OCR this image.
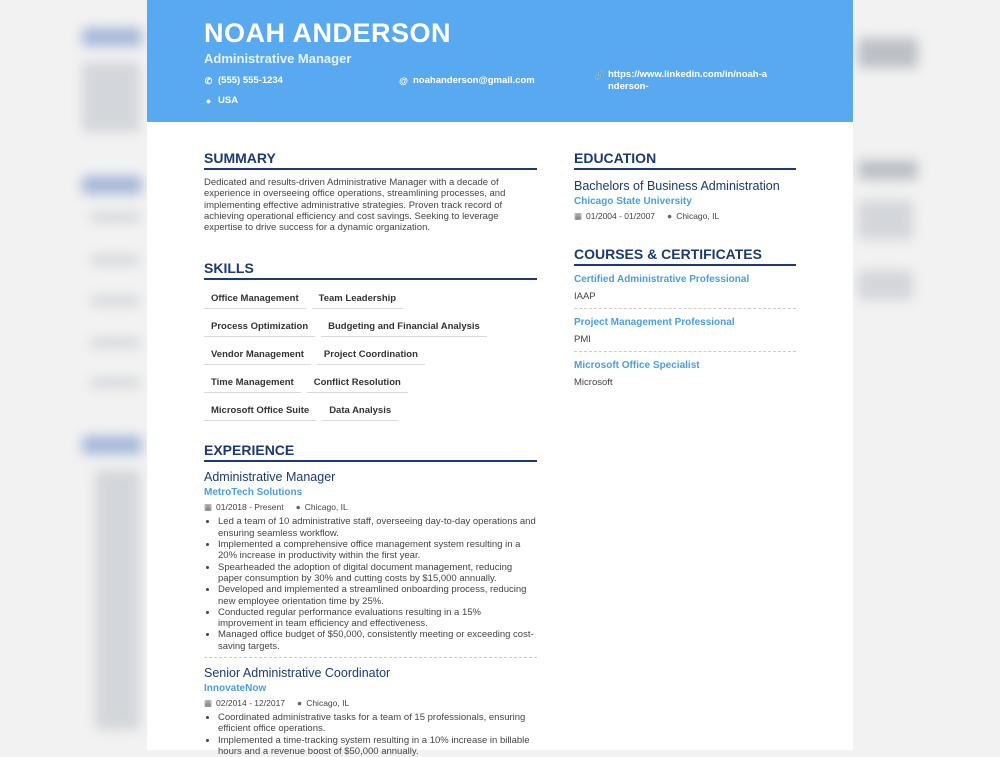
NOAH ANDERSON
Administrative Manager
✆ (555) 555-1234	@ noahanderson@gmail.com	🔗 https://www.linkedin.com/in/noah-anderson-
● USA
SUMMARY
Dedicated and results-driven Administrative Manager with a decade of experience in overseeing office operations, streamlining processes, and implementing effective administrative strategies. Proven track record of achieving operational efficiency and cost savings. Seeking to leverage expertise to drive success for a dynamic organization.
SKILLS
Office Management	Team Leadership
Process Optimization	Budgeting and Financial Analysis
Vendor Management	Project Coordination
Time Management	Conflict Resolution
Microsoft Office Suite	Data Analysis
EXPERIENCE
Administrative Manager
MetroTech Solutions
▦ 01/2018 - Present ● Chicago, IL
• Led a team of 10 administrative staff, overseeing day-to-day operations and ensuring seamless workflow.
• Implemented a comprehensive office management system resulting in a 20% increase in productivity within the first year.
• Spearheaded the adoption of digital document management, reducing paper consumption by 30% and cutting costs by $15,000 annually.
• Developed and implemented a streamlined onboarding process, reducing new employee orientation time by 25%.
• Conducted regular performance evaluations resulting in a 15% improvement in team efficiency and effectiveness.
• Managed office budget of $50,000, consistently meeting or exceeding cost-saving targets.
Senior Administrative Coordinator
InnovateNow
▦ 02/2014 - 12/2017 ● Chicago, IL
• Coordinated administrative tasks for a team of 15 professionals, ensuring efficient office operations.
• Implemented a time-tracking system resulting in a 10% increase in billable hours and a revenue boost of $50,000 annually.
EDUCATION
Bachelors of Business Administration
Chicago State University
▦ 01/2004 - 01/2007 ● Chicago, IL
COURSES & CERTIFICATES
Certified Administrative Professional
IAAP
Project Management Professional
PMI
Microsoft Office Specialist
Microsoft
